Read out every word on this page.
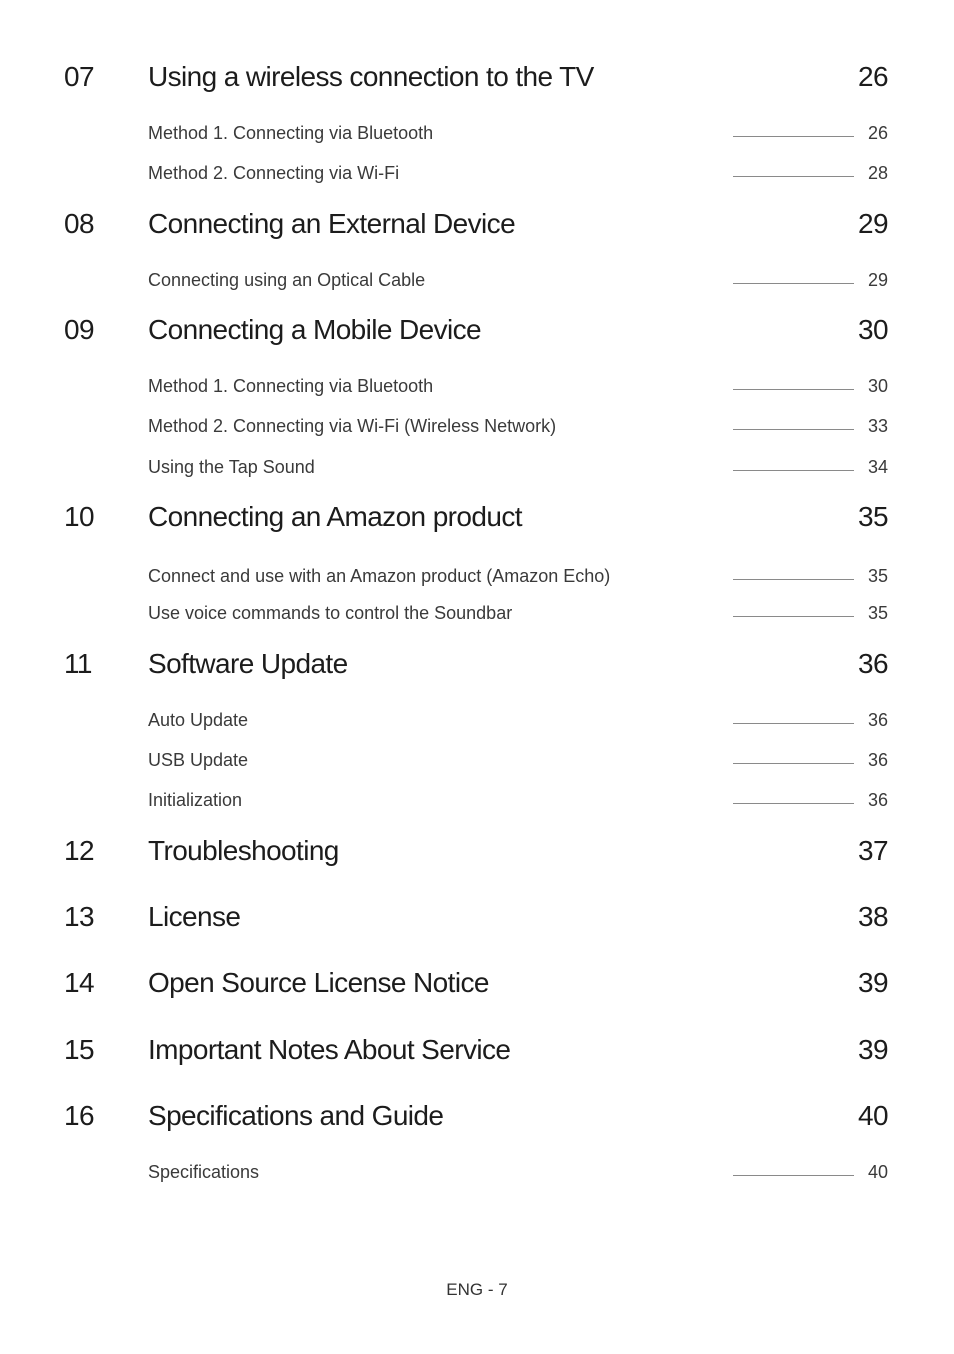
07 Using a wireless connection to the TV	26
Method 1. Connecting via Bluetooth	26
Method 2. Connecting via Wi-Fi	28
08 Connecting an External Device	29
Connecting using an Optical Cable	29
09 Connecting a Mobile Device	30
Method 1. Connecting via Bluetooth	30
Method 2. Connecting via Wi-Fi (Wireless Network)	33
Using the Tap Sound	34
10 Connecting an Amazon product	35
Connect and use with an Amazon product (Amazon Echo)	35
Use voice commands to control the Soundbar	35
11 Software Update	36
Auto Update	36
USB Update	36
Initialization	36
12 Troubleshooting	37
13 License	38
14 Open Source License Notice	39
15 Important Notes About Service	39
16 Specifications and Guide	40
Specifications	40
ENG - 7
